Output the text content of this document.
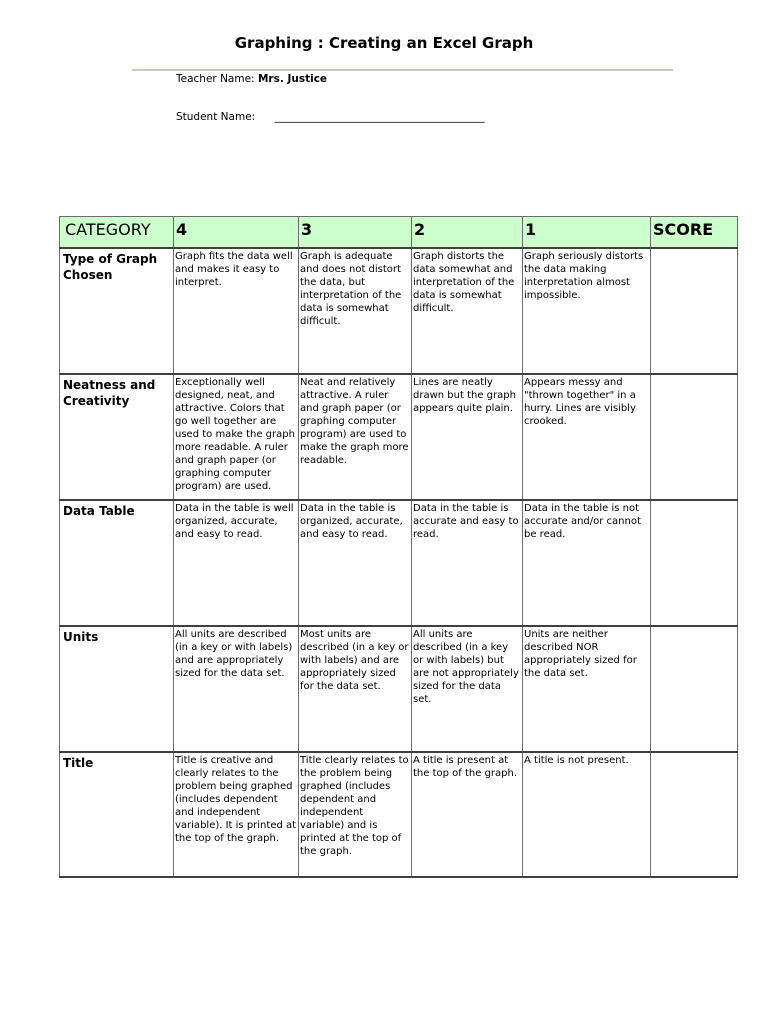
Graphing : Creating an Excel Graph
Teacher Name: Mrs. Justice
Student Name: ________________________________________
CATEGORY	4	3	2	1	SCORE
Type of Graph Chosen	Graph fits the data well and makes it easy to interpret.	Graph is adequate and does not distort the data, but interpretation of the data is somewhat difficult.	Graph distorts the data somewhat and interpretation of the data is somewhat difficult.	Graph seriously distorts the data making interpretation almost impossible.	
Neatness and Creativity	Exceptionally well designed, neat, and attractive. Colors that go well together are used to make the graph more readable. A ruler and graph paper (or graphing computer program) are used.	Neat and relatively attractive. A ruler and graph paper (or graphing computer program) are used to make the graph more readable.	Lines are neatly drawn but the graph appears quite plain.	Appears messy and "thrown together" in a hurry. Lines are visibly crooked.	
Data Table	Data in the table is well organized, accurate, and easy to read.	Data in the table is organized, accurate, and easy to read.	Data in the table is accurate and easy to read.	Data in the table is not accurate and/or cannot be read.	
Units	All units are described (in a key or with labels) and are appropriately sized for the data set.	Most units are described (in a key or with labels) and are appropriately sized for the data set.	All units are described (in a key or with labels) but are not appropriately sized for the data set.	Units are neither described NOR appropriately sized for the data set.	
Title	Title is creative and clearly relates to the problem being graphed (includes dependent and independent variable). It is printed at the top of the graph.	Title clearly relates to the problem being graphed (includes dependent and independent variable) and is printed at the top of the graph.	A title is present at the top of the graph.	A title is not present.	
